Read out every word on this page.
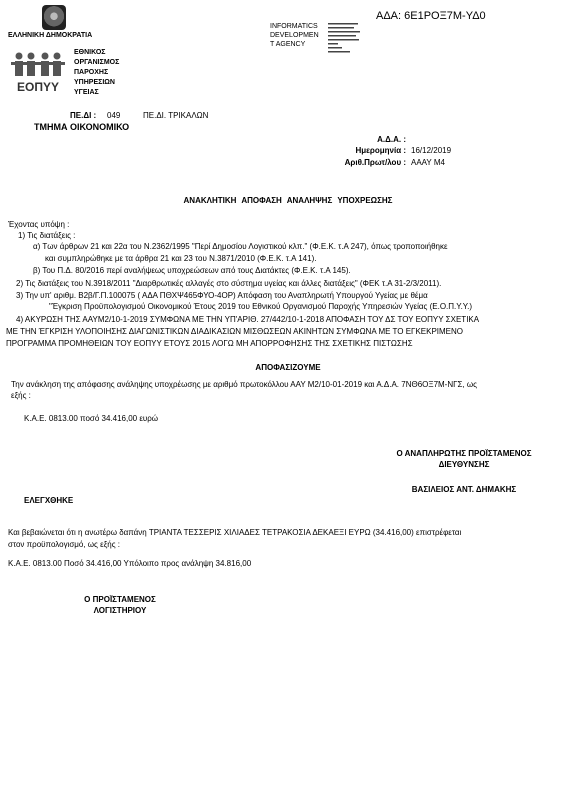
ΕΛΛΗΝΙΚΗ ΔΗΜΟΚΡΑΤΙΑ
ΕΟΠΥΥ
ΕΘΝΙΚΟΣ
ΟΡΓΑΝΙΣΜΟΣ
ΠΑΡΟΧΗΣ
ΥΠΗΡΕΣΙΩΝ
ΥΓΕΙΑΣ
INFORMATICS
DEVELOPMEN
T AGENCY
ΑΔΑ: 6Ε1ΡΟΞ7Μ-ΥΔ0
ΠΕ.ΔΙ : 049	ΠΕ.ΔΙ. ΤΡΙΚΑΛΩΝ
ΤΜΗΜΑ ΟΙΚΟΝΟΜΙΚΟ
Α.Δ.Α. :
Ημερομηνία : 16/12/2019
Αριθ.Πρωτ/λου : ΑΑΑΥ Μ4
ΑΝΑΚΛΗΤΙΚΗ ΑΠΟΦΑΣΗ ΑΝΑΛΗΨΗΣ ΥΠΟΧΡΕΩΣΗΣ
Έχοντας υπόψη :
1) Τις διατάξεις :
α) Των άρθρων 21 και 22α του Ν.2362/1995 "Περί Δημοσίου Λογιστικού κλπ." (Φ.Ε.Κ. τ.Α 247), όπως τροποποιήθηκε
και συμπληρώθηκε με τα άρθρα 21 και 23 του Ν.3871/2010 (Φ.Ε.Κ. τ.Α 141).
β) Του Π.Δ. 80/2016 περί αναλήψεως υποχρεώσεων από τους Διατάκτες (Φ.Ε.Κ. τ.Α 145).
2) Τις διατάξεις του Ν.3918/2011 "Διαρθρωτικές αλλαγές στο σύστημα υγείας και άλλες διατάξεις" (ΦΕΚ τ.Α 31-2/3/2011).
3) Την υπ' αριθμ. Β2β/Γ.Π.100075 ( ΑΔΑ ΠΘΧΨ465ΦΥΟ-4ΟΡ) Απόφαση του Αναπληρωτή Υπουργού Υγείας με θέμα
"Έγκριση Προϋπολογισμού Οικονομικού Έτους 2019 του Εθνικού Οργανισμού Παροχής Υπηρεσιών Υγείας (Ε.Ο.Π.Υ.Υ.)
4) ΑΚΥΡΩΣΗ ΤΗΣ ΑΑΥΜ2/10-1-2019 ΣΥΜΦΩΝΑ ΜΕ ΤΗΝ ΥΠ'ΑΡΙΘ. 27/442/10-1-2018 ΑΠΟΦΑΣΗ ΤΟΥ ΔΣ ΤΟΥ ΕΟΠΥΥ ΣΧΕΤΙΚΑ
ΜΕ ΤΗΝ ΈΓΚΡΙΣΗ ΥΛΟΠΟΙΗΣΗΣ ΔΙΑΓΩΝΙΣΤΙΚΩΝ ΔΙΑΔΙΚΑΣΙΩΝ ΜΙΣΘΩΣΕΩΝ ΑΚΙΝΗΤΩΝ ΣΥΜΦΩΝΑ ΜΕ ΤΟ ΕΓΚΕΚΡΙΜΕΝΟ
ΠΡΟΓΡΑΜΜΑ ΠΡΟΜΗΘΕΙΩΝ ΤΟΥ ΕΟΠΥΥ ΕΤΟΥΣ 2015 ΛΟΓΩ ΜΗ ΑΠΟΡΡΟΦΗΣΗΣ ΤΗΣ ΣΧΕΤΙΚΗΣ ΠΙΣΤΩΣΗΣ
ΑΠΟΦΑΣΙΖΟΥΜΕ
Την ανάκληση της απόφασης ανάληψης υποχρέωσης με αριθμό πρωτοκόλλου ΑΑΥ Μ2/10-01-2019 και Α.Δ.Α. 7ΝΘ6ΟΞ7Μ-ΝΓΣ, ως
εξής :
Κ.Α.Ε. 0813.00 ποσό 34.416,00 ευρώ
Ο ΑΝΑΠΛΗΡΩΤΗΣ ΠΡΟΪΣΤΑΜΕΝΟΣ
ΔΙΕΥΘΥΝΣΗΣ
ΒΑΣΙΛΕΙΟΣ ΑΝΤ. ΔΗΜΑΚΗΣ
ΕΛΕΓΧΘΗΚΕ
Και βεβαιώνεται ότι η ανωτέρω δαπάνη ΤΡΙΑΝΤΑ ΤΕΣΣΕΡΙΣ ΧΙΛΙΑΔΕΣ ΤΕΤΡΑΚΟΣΙΑ ΔΕΚΑΕΞΙ ΕΥΡΩ (34.416,00) επιστρέφεται
στον προϋπολογισμό, ως εξής :
Κ.Α.Ε. 0813.00 Ποσό 34.416,00 Υπόλοιπο προς ανάληψη 34.816,00
Ο ΠΡΟΪΣΤΑΜΕΝΟΣ
ΛΟΓΙΣΤΗΡΙΟΥ
